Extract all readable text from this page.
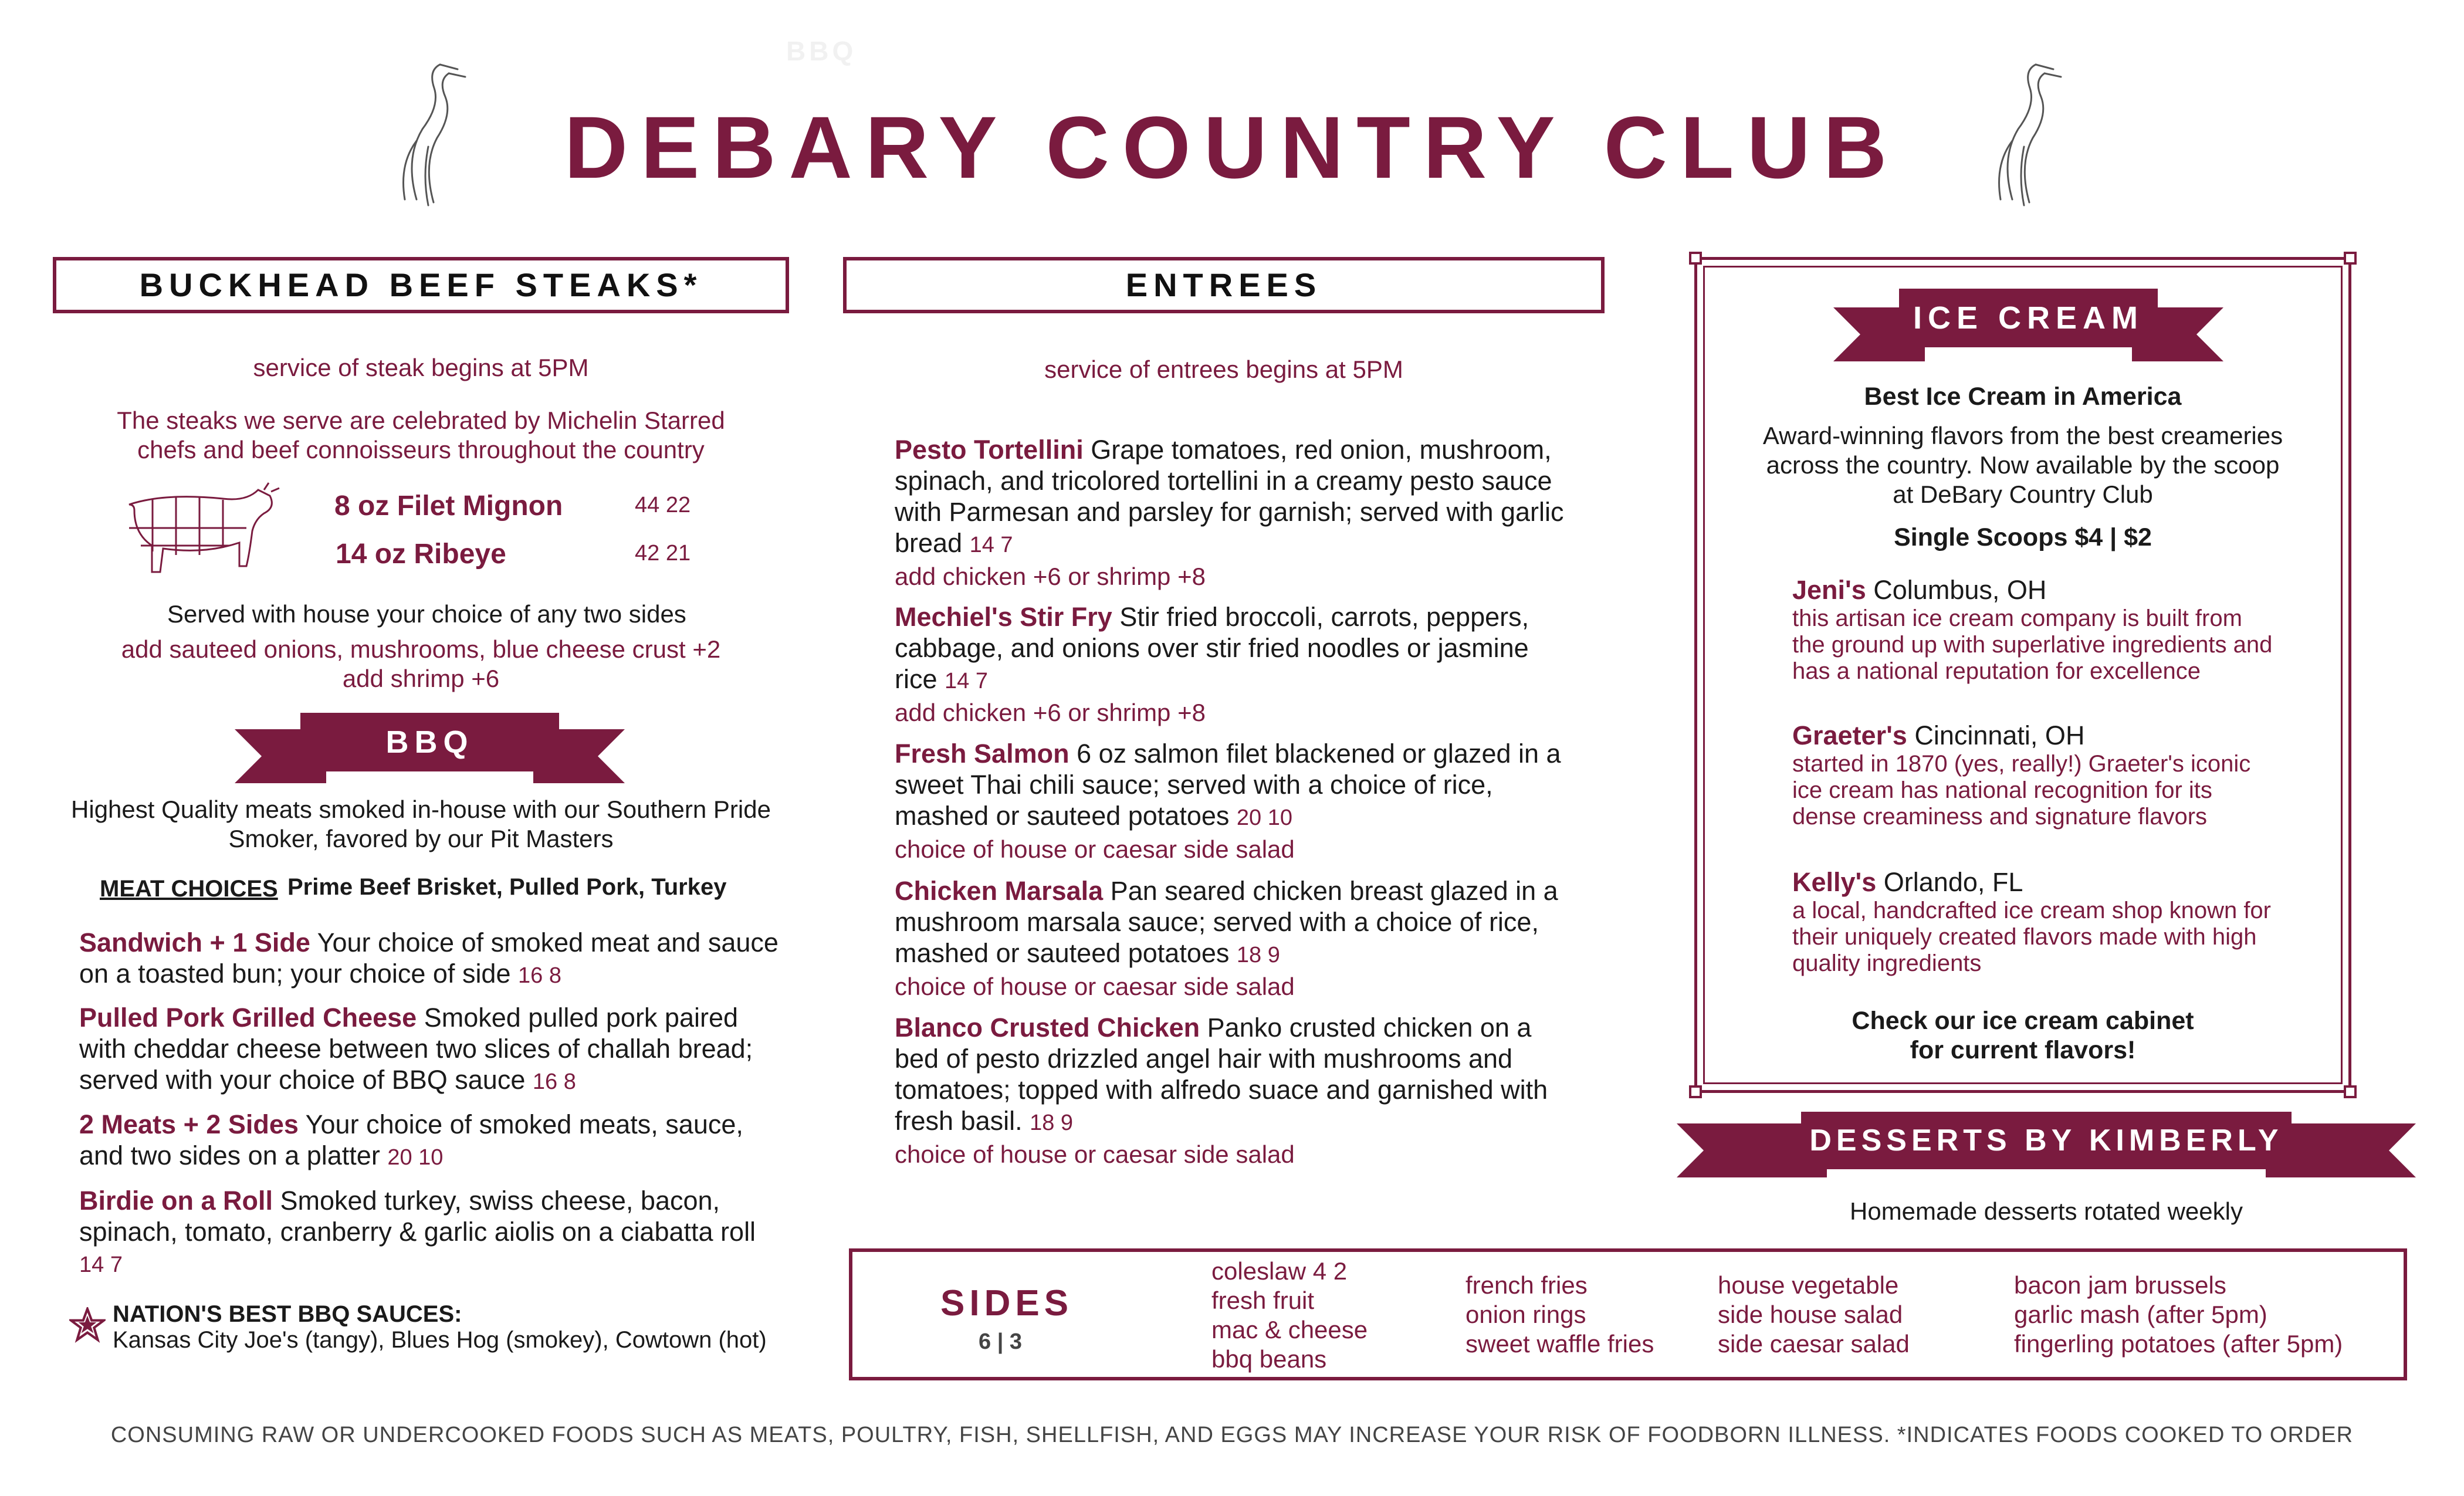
BBQ
DEBARY COUNTRY CLUB
BUCKHEAD BEEF STEAKS*
service of steak begins at 5PM
The steaks we serve are celebrated by Michelin Starred
chefs and beef connoisseurs throughout the country
8 oz Filet Mignon	44 22
14 oz Ribeye	42 21
Served with house your choice of any two sides
add sauteed onions, mushrooms, blue cheese crust +2
add shrimp +6
BBQ
Highest Quality meats smoked in-house with our Southern Pride
Smoker, favored by our Pit Masters
MEAT CHOICES Prime Beef Brisket, Pulled Pork, Turkey
Sandwich + 1 Side Your choice of smoked meat and sauce on a toasted bun; your choice of side 16 8
Pulled Pork Grilled Cheese Smoked pulled pork paired with cheddar cheese between two slices of challah bread; served with your choice of BBQ sauce 16 8
2 Meats + 2 Sides Your choice of smoked meats, sauce, and two sides on a platter 20 10
Birdie on a Roll Smoked turkey, swiss cheese, bacon, spinach, tomato, cranberry & garlic aiolis on a ciabatta roll 14 7
NATION'S BEST BBQ SAUCES:
Kansas City Joe's (tangy), Blues Hog (smokey), Cowtown (hot)
ENTREES
service of entrees begins at 5PM
Pesto Tortellini Grape tomatoes, red onion, mushroom, spinach, and tricolored tortellini in a creamy pesto sauce with Parmesan and parsley for garnish; served with garlic bread 14 7
add chicken +6 or shrimp +8
Mechiel's Stir Fry Stir fried broccoli, carrots, peppers, cabbage, and onions over stir fried noodles or jasmine rice 14 7
add chicken +6 or shrimp +8
Fresh Salmon 6 oz salmon filet blackened or glazed in a sweet Thai chili sauce; served with a choice of rice, mashed or sauteed potatoes 20 10
choice of house or caesar side salad
Chicken Marsala Pan seared chicken breast glazed in a mushroom marsala sauce; served with a choice of rice, mashed or sauteed potatoes 18 9
choice of house or caesar side salad
Blanco Crusted Chicken Panko crusted chicken on a bed of pesto drizzled angel hair with mushrooms and tomatoes; topped with alfredo suace and garnished with fresh basil. 18 9
choice of house or caesar side salad
ICE CREAM
Best Ice Cream in America
Award-winning flavors from the best creameries
across the country. Now available by the scoop
at DeBary Country Club
Single Scoops $4 | $2
Jeni's Columbus, OH
this artisan ice cream company is built from the ground up with superlative ingredients and has a national reputation for excellence
Graeter's Cincinnati, OH
started in 1870 (yes, really!) Graeter's iconic ice cream has national recognition for its dense creaminess and signature flavors
Kelly's Orlando, FL
a local, handcrafted ice cream shop known for their uniquely created flavors made with high quality ingredients
Check our ice cream cabinet
for current flavors!
DESSERTS BY KIMBERLY
Homemade desserts rotated weekly
SIDES
6 | 3
coleslaw 4 2
fresh fruit
mac & cheese
bbq beans
french fries
onion rings
sweet waffle fries
house vegetable
side house salad
side caesar salad
bacon jam brussels
garlic mash (after 5pm)
fingerling potatoes (after 5pm)
CONSUMING RAW OR UNDERCOOKED FOODS SUCH AS MEATS, POULTRY, FISH, SHELLFISH, AND EGGS MAY INCREASE YOUR RISK OF FOODBORN ILLNESS. *INDICATES FOODS COOKED TO ORDER
